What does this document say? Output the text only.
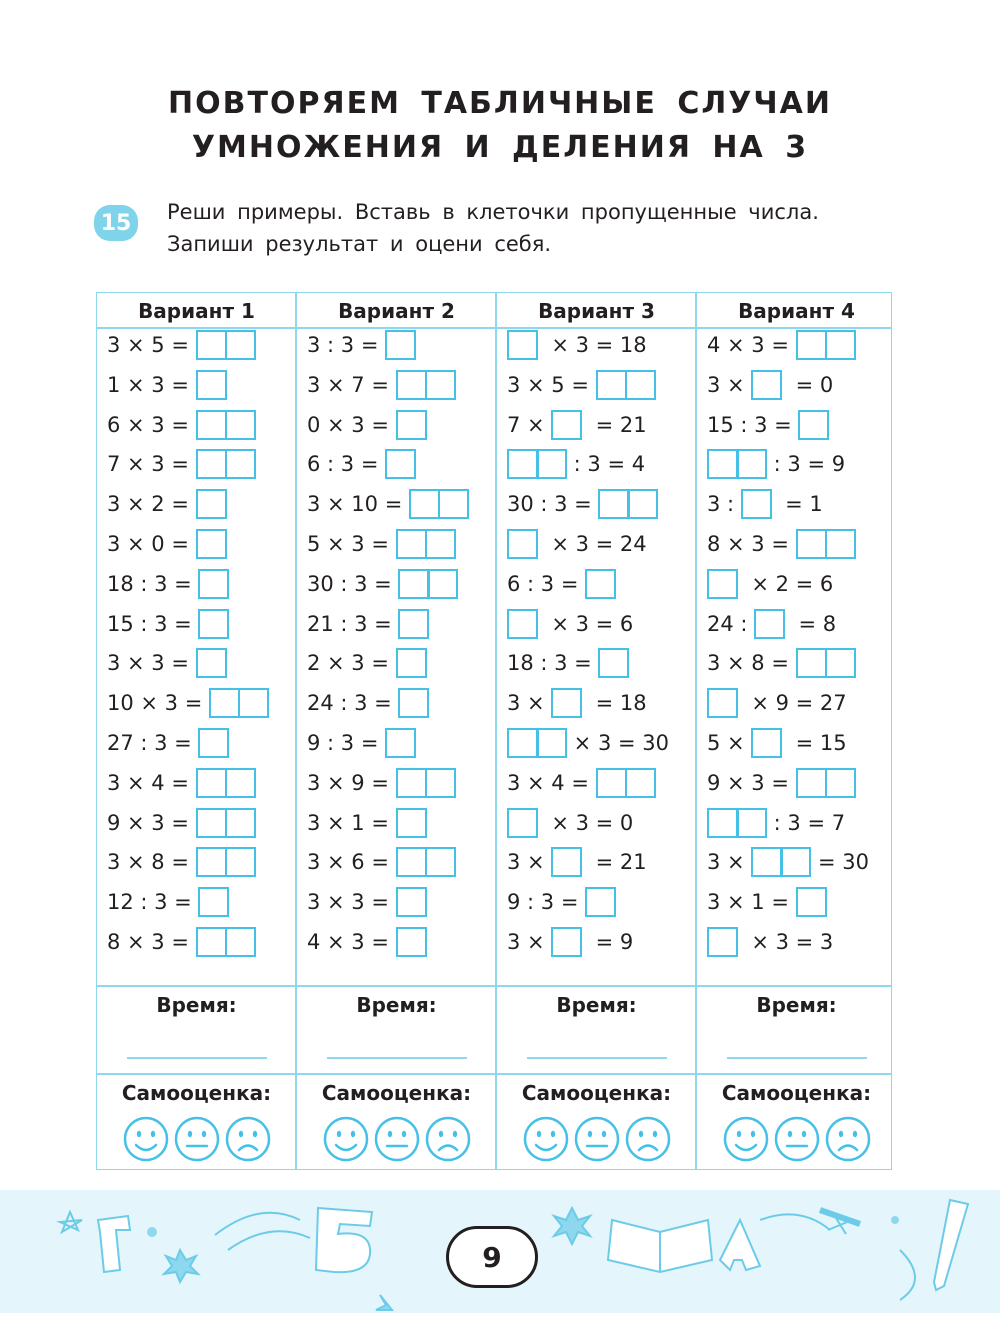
ПОВТОРЯЕМ ТАБЛИЧНЫЕ СЛУЧАИ
УМНОЖЕНИЯ И ДЕЛЕНИЯ НА 3
15	Реши примеры. Вставь в клеточки пропущенные числа.
Запиши результат и оцени себя.
Вариант 1
3 × 5 =
1 × 3 =
6 × 3 =
7 × 3 =
3 × 2 =
3 × 0 =
18 : 3 =
15 : 3 =
3 × 3 =
10 × 3 =
27 : 3 =
3 × 4 =
9 × 3 =
3 × 8 =
12 : 3 =
8 × 3 =
Время:
Самооценка:
Вариант 2
3 : 3 =
3 × 7 =
0 × 3 =
6 : 3 =
3 × 10 =
5 × 3 =
30 : 3 =
21 : 3 =
2 × 3 =
24 : 3 =
9 : 3 =
3 × 9 =
3 × 1 =
3 × 6 =
3 × 3 =
4 × 3 =
Время:
Самооценка:
Вариант 3
× 3 = 18
3 × 5 =
7 × = 21
: 3 = 4
30 : 3 =
× 3 = 24
6 : 3 =
× 3 = 6
18 : 3 =
3 × = 18
× 3 = 30
3 × 4 =
× 3 = 0
3 × = 21
9 : 3 =
3 × = 9
Время:
Самооценка:
Вариант 4
4 × 3 =
3 × = 0
15 : 3 =
: 3 = 9
3 : = 1
8 × 3 =
× 2 = 6
24 : = 8
3 × 8 =
× 9 = 27
5 × = 15
9 × 3 =
: 3 = 7
3 ×	= 30
3 × 1 =
× 3 = 3
Время:
Самооценка:
9
